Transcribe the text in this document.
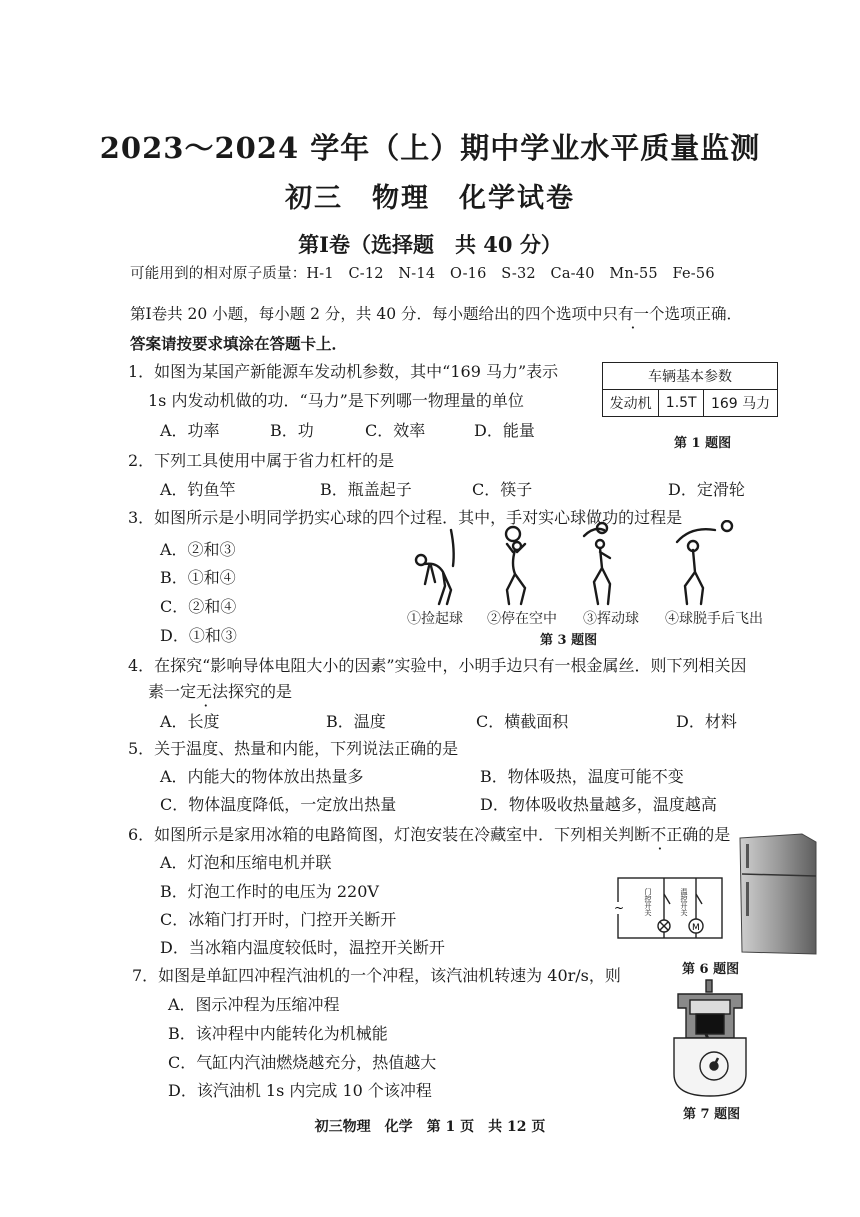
2023～2024 学年（上）期中学业水平质量监测
初三　物理　化学试卷
第Ⅰ卷（选择题　共 40 分）
可能用到的相对原子质量：H-1　C-12　N-14　O-16　S-32　Ca-40　Mn-55　Fe-56
第Ⅰ卷共 20 小题，每小题 2 分，共 40 分．每小题给出的四个选项中只有一个选项正确．
答案请按要求填涂在答题卡上．
1．如图为某国产新能源车发动机参数，其中“169 马力”表示
1s 内发动机做的功．“马力”是下列哪一物理量的单位
A．功率	B．功	C．效率	D．能量
车辆基本参数
发动机	1.5T	169 马力
第 1 题图
2．下列工具使用中属于省力杠杆的是
A．钓鱼竿	B．瓶盖起子	C．筷子	D．定滑轮
3．如图所示是小明同学扔实心球的四个过程．其中，手对实心球做功的过程是
A．②和③
B．①和④
C．②和④
D．①和③
①捡起球 ②停在空中 ③挥动球 ④球脱手后飞出
第 3 题图
4．在探究“影响导体电阻大小的因素”实验中，小明手边只有一根金属丝．则下列相关因
素一定无法探究的是
A．长度	B．温度	C．横截面积	D．材料
5．关于温度、热量和内能，下列说法正确的是
A．内能大的物体放出热量多	B．物体吸热，温度可能不变
C．物体温度降低，一定放出热量	D．物体吸收热量越多，温度越高
6．如图所示是家用冰箱的电路简图，灯泡安装在冷藏室中．下列相关判断不正确的是
A．灯泡和压缩电机并联
B．灯泡工作时的电压为 220V
C．冰箱门打开时，门控开关断开
D．当冰箱内温度较低时，温控开关断开
M
~	门控开关	温控开关
第 6 题图
7．如图是单缸四冲程汽油机的一个冲程，该汽油机转速为 40r/s，则
A．图示冲程为压缩冲程
B．该冲程中内能转化为机械能
C．气缸内汽油燃烧越充分，热值越大
D．该汽油机 1s 内完成 10 个该冲程
第 7 题图
初三物理　化学　第 1 页　共 12 页
